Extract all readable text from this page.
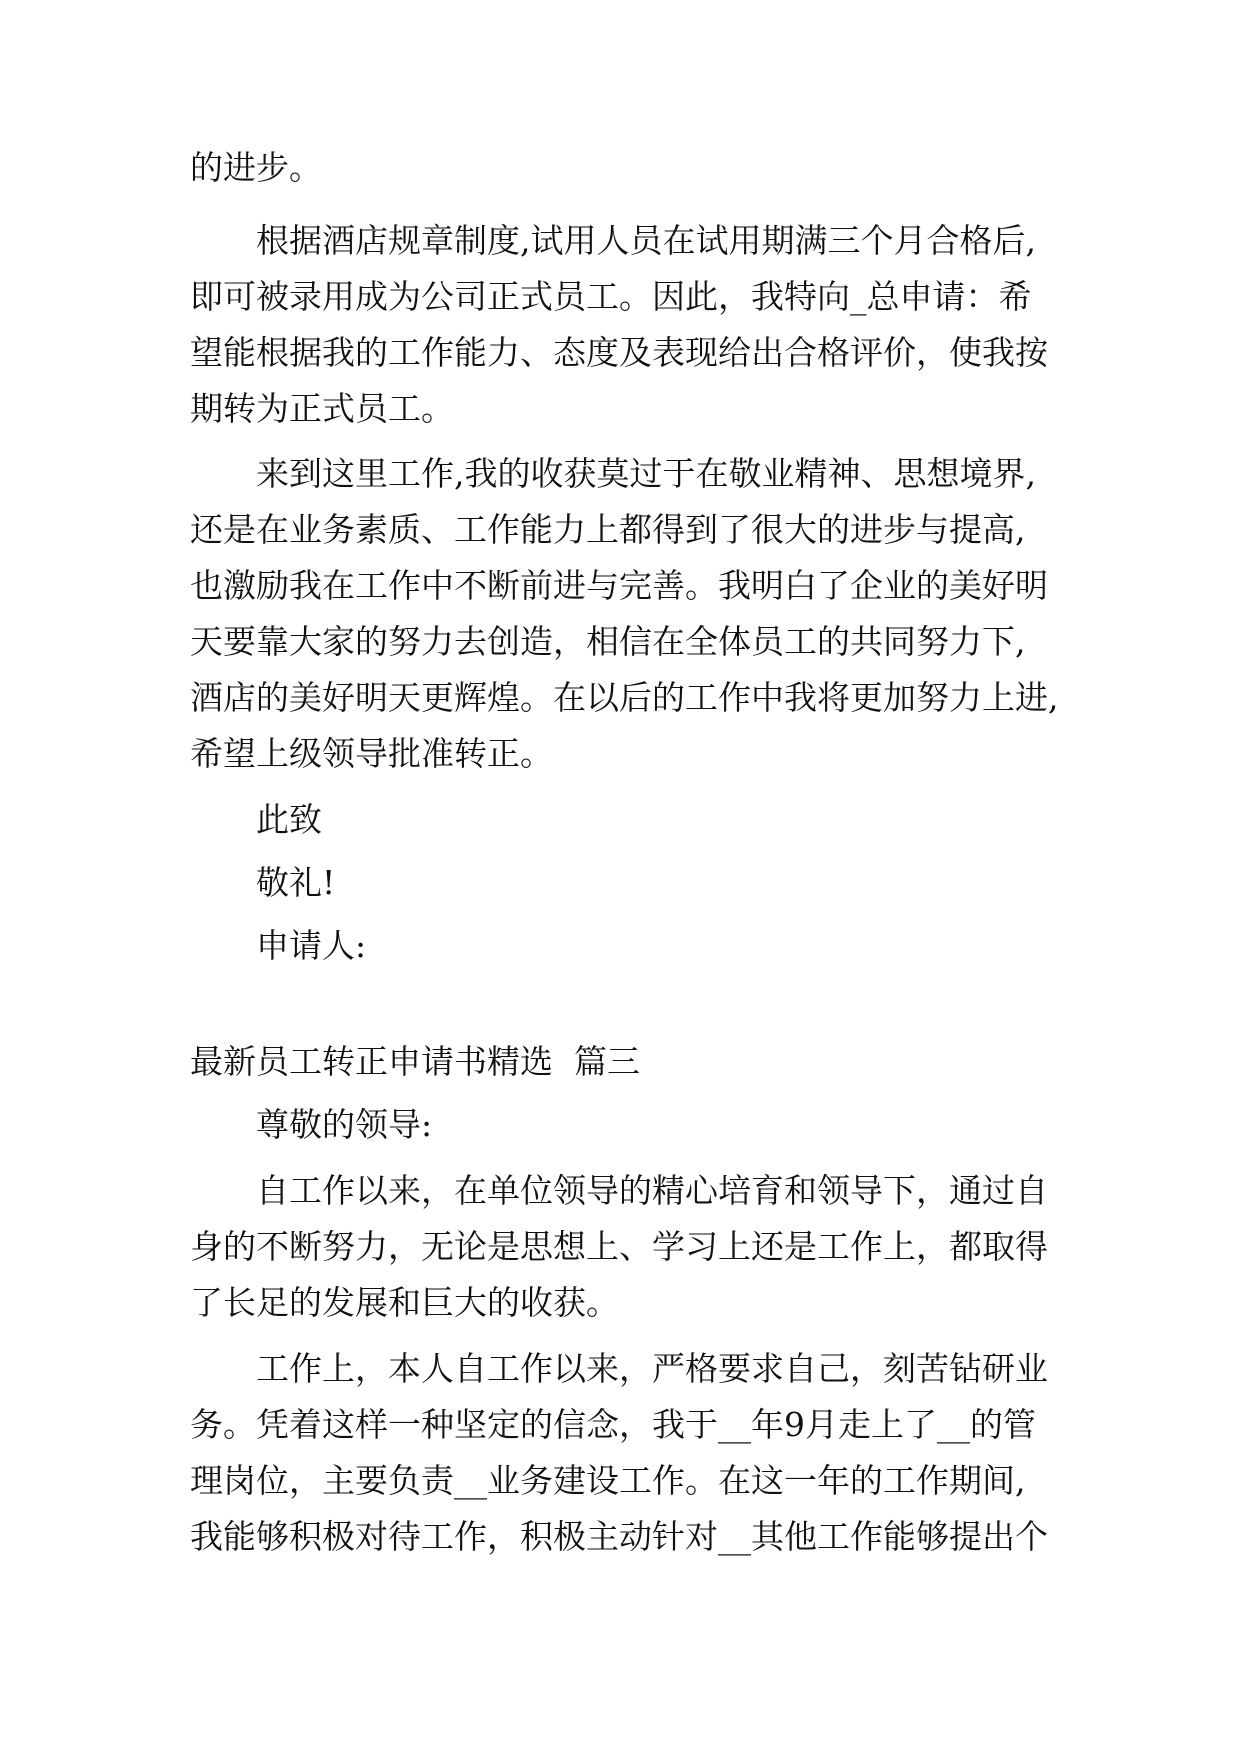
的进步。
根据酒店规章制度,试用人员在试用期满三个月合格后,
即可被录用成为公司正式员工。因此，我特向_总申请：希
望能根据我的工作能力、态度及表现给出合格评价，使我按
期转为正式员工。
来到这里工作,我的收获莫过于在敬业精神、思想境界,
还是在业务素质、工作能力上都得到了很大的进步与提高,
也激励我在工作中不断前进与完善。我明白了企业的美好明
天要靠大家的努力去创造，相信在全体员工的共同努力下,
酒店的美好明天更辉煌。在以后的工作中我将更加努力上进,
希望上级领导批准转正。
此致
敬礼!
申请人:
最新员工转正申请书精选  篇三
尊敬的领导:
自工作以来，在单位领导的精心培育和领导下，通过自
身的不断努力，无论是思想上、学习上还是工作上，都取得
了长足的发展和巨大的收获。
工作上，本人自工作以来，严格要求自己，刻苦钻研业
务。凭着这样一种坚定的信念，我于__年9月走上了__的管
理岗位，主要负责__业务建设工作。在这一年的工作期间,
我能够积极对待工作，积极主动针对__其他工作能够提出个
